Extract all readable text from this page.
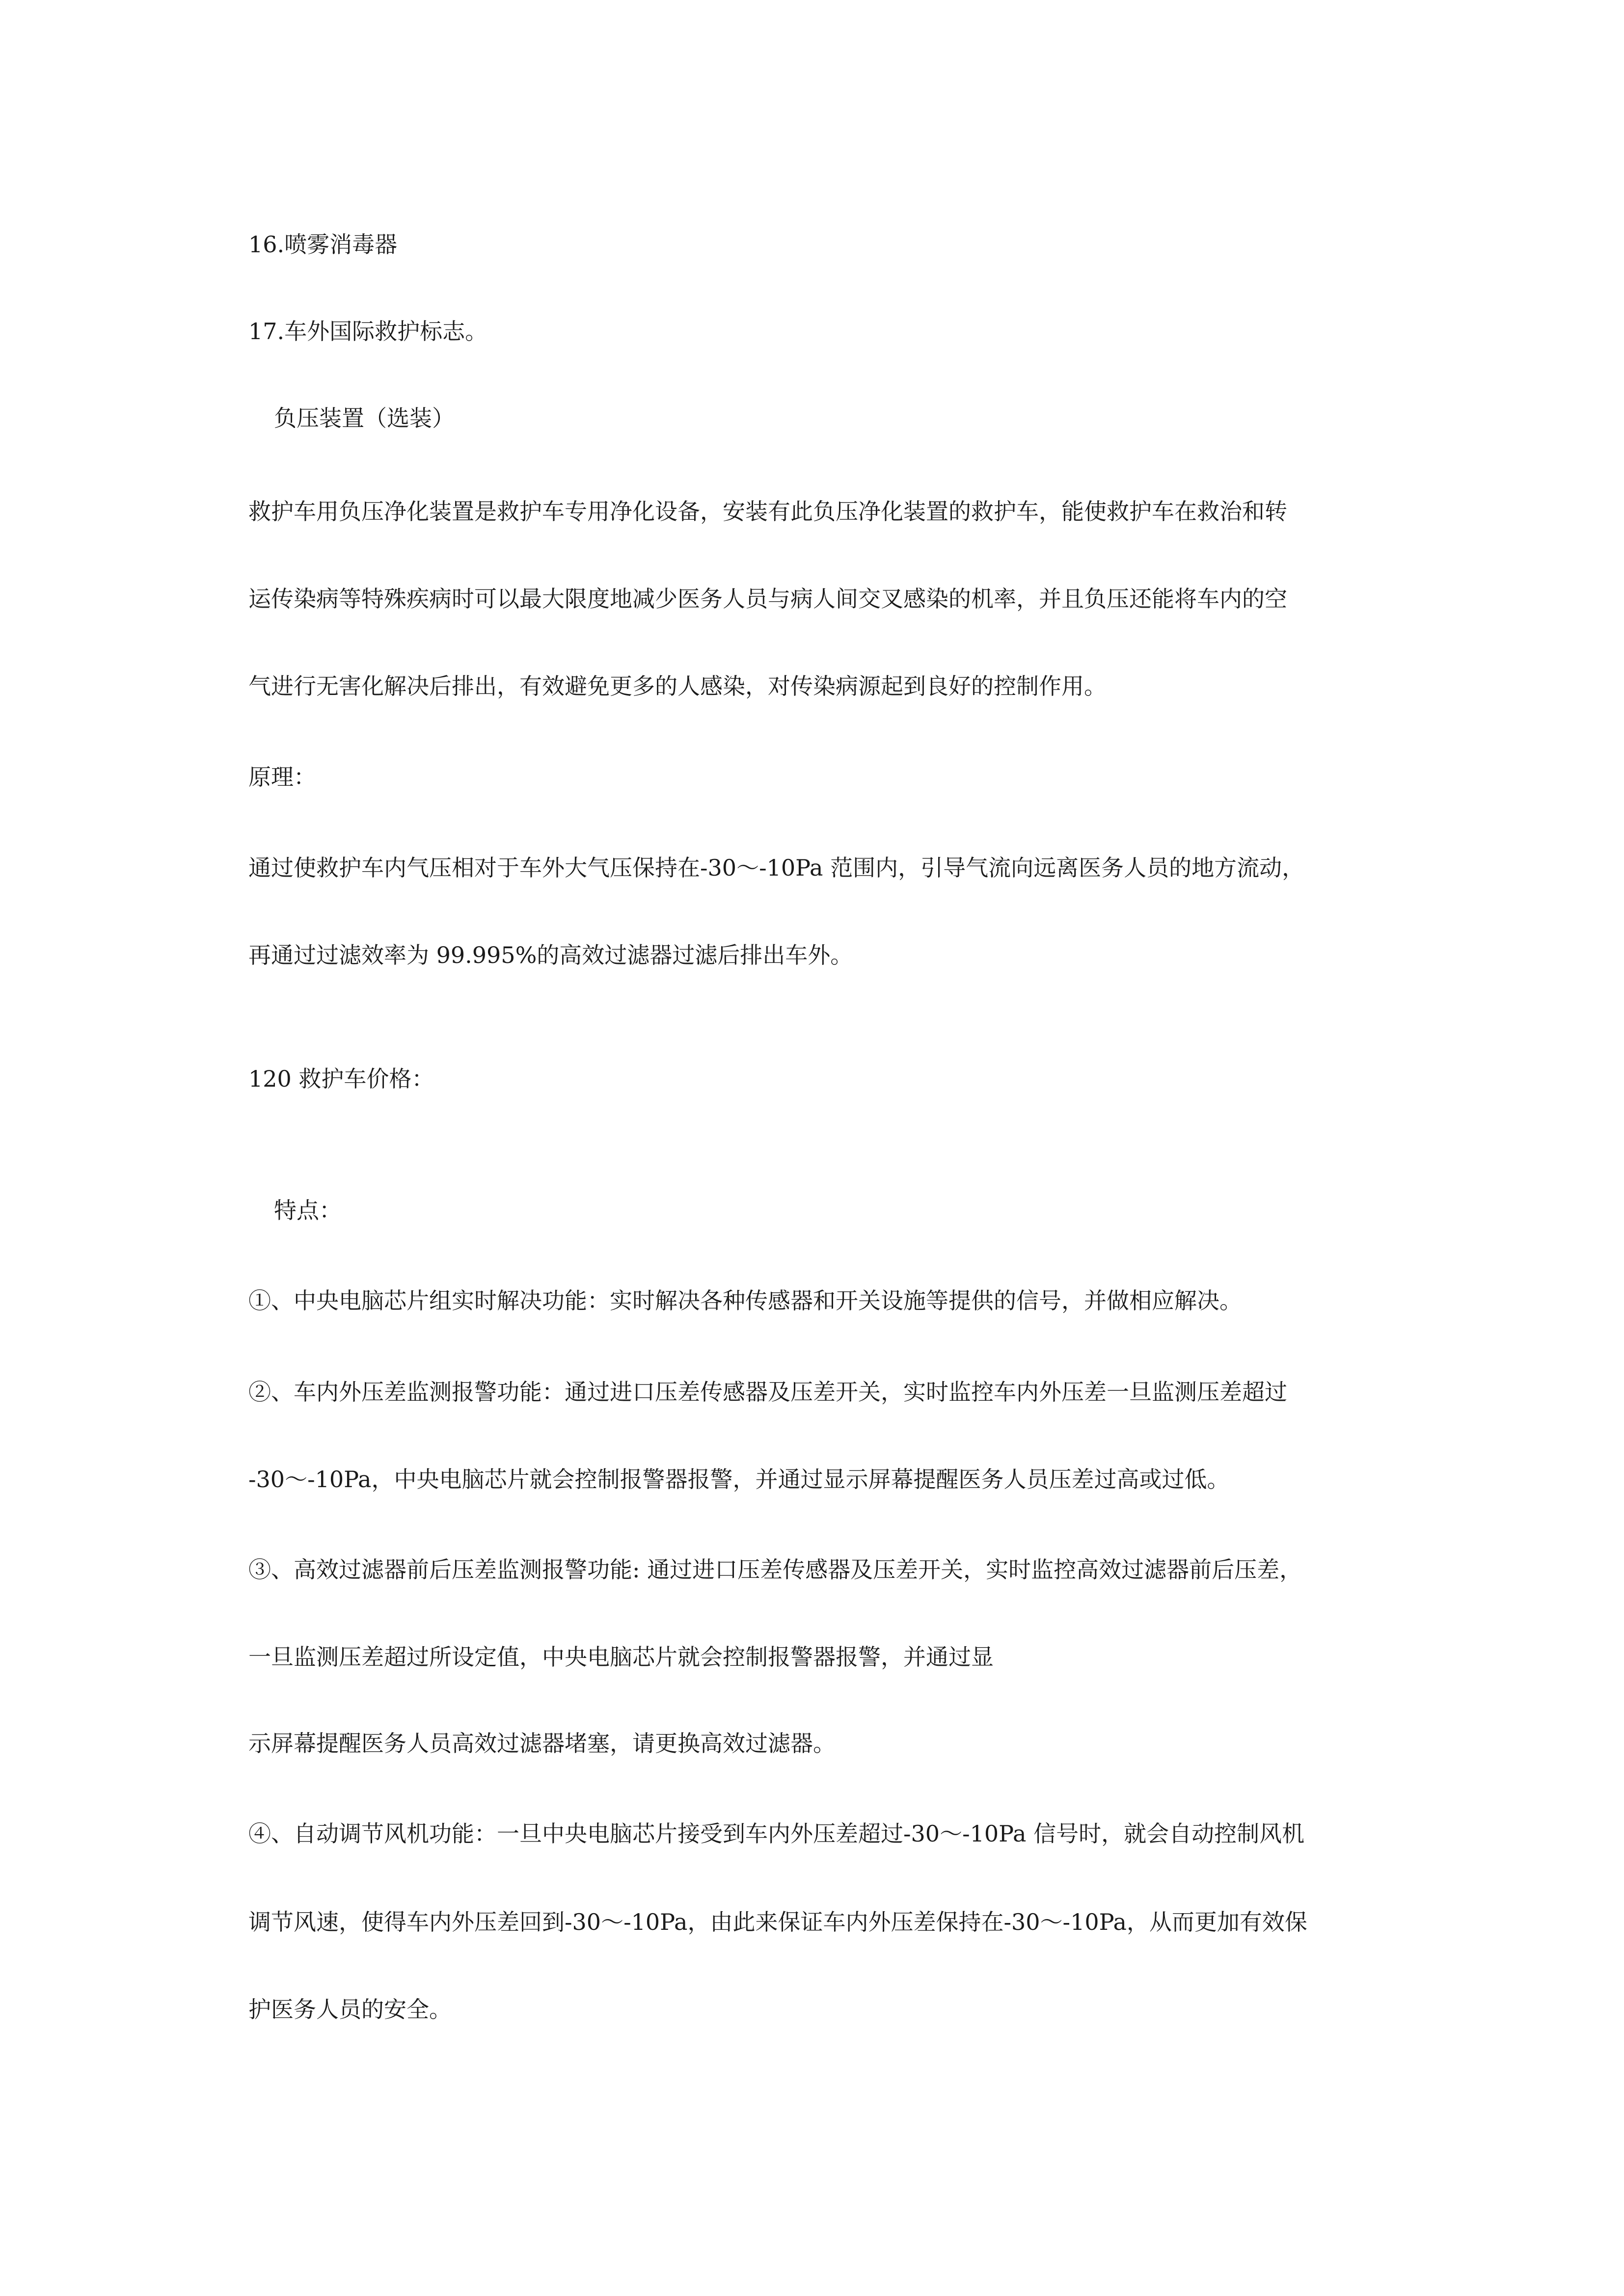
16.喷雾消毒器

17.车外国际救护标志。

负压装置（选装）

救护车用负压净化装置是救护车专用净化设备，安装有此负压净化装置的救护车，能使救护车在救治和转

运传染病等特殊疾病时可以最大限度地减少医务人员与病人间交叉感染的机率，并且负压还能将车内的空

气进行无害化解决后排出，有效避免更多的人感染，对传染病源起到良好的控制作用。

原理：

通过使救护车内气压相对于车外大气压保持在-30～-10Pa 范围内，引导气流向远离医务人员的地方流动，

再通过过滤效率为 99.995%的高效过滤器过滤后排出车外。

120 救护车价格：

特点：

①、中央电脑芯片组实时解决功能：实时解决各种传感器和开关设施等提供的信号，并做相应解决。

②、车内外压差监测报警功能：通过进口压差传感器及压差开关，实时监控车内外压差一旦监测压差超过

-30～-10Pa，中央电脑芯片就会控制报警器报警，并通过显示屏幕提醒医务人员压差过高或过低。

③、高效过滤器前后压差监测报警功能: 通过进口压差传感器及压差开关，实时监控高效过滤器前后压差，

一旦监测压差超过所设定值，中央电脑芯片就会控制报警器报警，并通过显

示屏幕提醒医务人员高效过滤器堵塞，请更换高效过滤器。

④、自动调节风机功能：一旦中央电脑芯片接受到车内外压差超过-30～-10Pa 信号时，就会自动控制风机

调节风速，使得车内外压差回到-30～-10Pa，由此来保证车内外压差保持在-30～-10Pa，从而更加有效保

护医务人员的安全。
